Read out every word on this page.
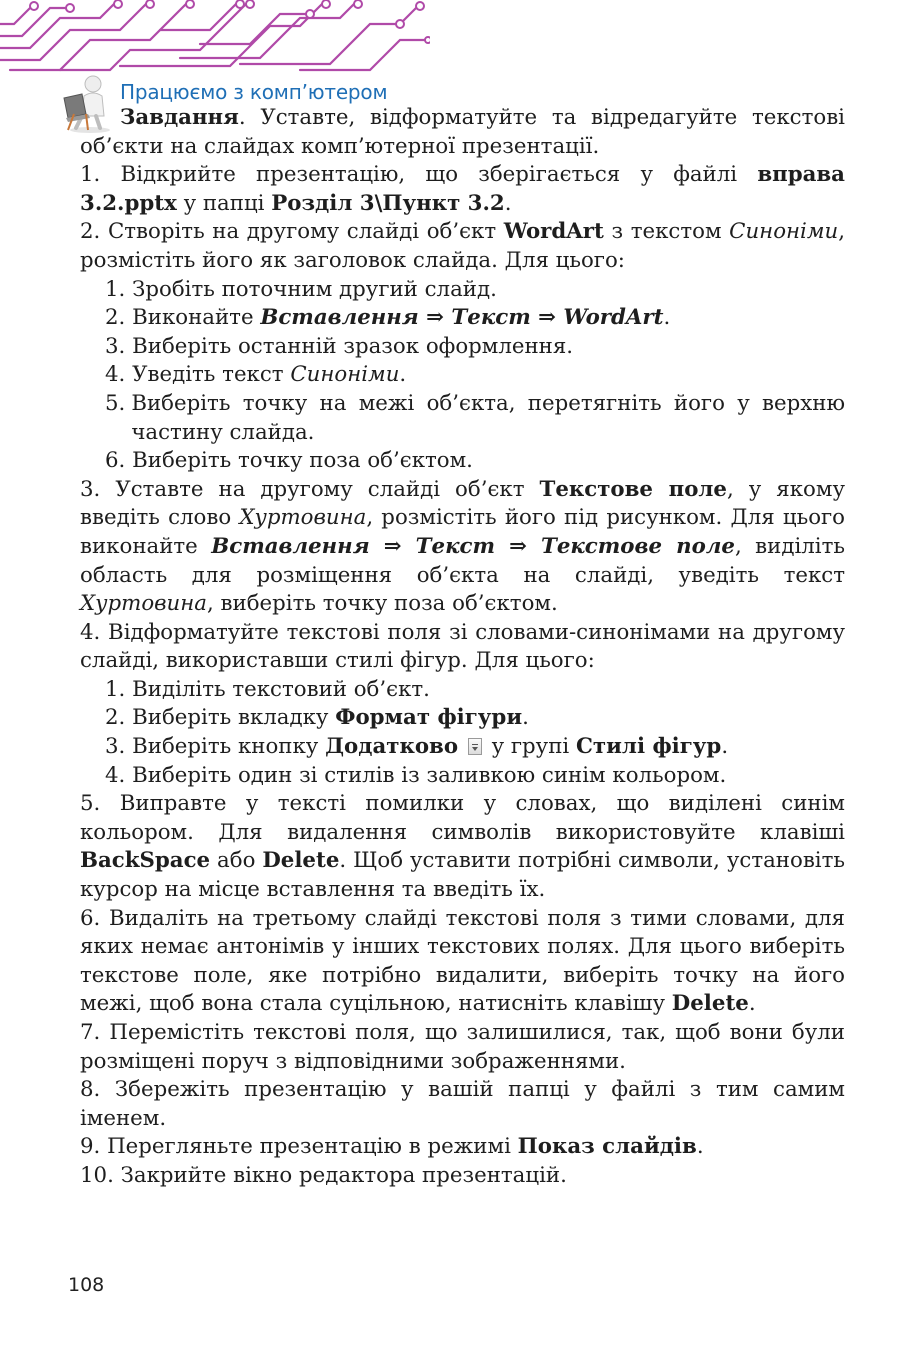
Працюємо з комп’ютером

Завдання. Уставте, відформатуйте та відредагуйте текстові об’єкти на слайдах комп’ютерної презентації.

1. Відкрийте презентацію, що зберігається у файлі вправа 3.2.pptx у папці Розділ 3\Пункт 3.2.

2. Створіть на другому слайді об’єкт WordArt з текстом Синоніми, розмістіть його як заголовок слайда. Для цього:

1. Зробіть поточним другий слайд.
2. Виконайте Вставлення ⇒ Текст ⇒ WordArt.
3. Виберіть останній зразок оформлення.
4. Уведіть текст Синоніми.
5. Виберіть точку на межі об’єкта, перетягніть його у верхню частину слайда.
6. Виберіть точку поза об’єктом.

3. Уставте на другому слайді об’єкт Текстове поле, у якому введіть слово Хуртовина, розмістіть його під рисунком. Для цього виконайте Вставлення ⇒ Текст ⇒ Текстове поле, виділіть область для розміщення об’єкта на слайді, уведіть текст Хуртовина, виберіть точку поза об’єктом.

4. Відформатуйте текстові поля зі словами-синонімами на другому слайді, використавши стилі фігур. Для цього:

1. Виділіть текстовий об’єкт.
2. Виберіть вкладку Формат фігури.
3. Виберіть кнопку Додатково  у групі Стилі фігур.
4. Виберіть один зі стилів із заливкою синім кольором.

5. Виправте у тексті помилки у словах, що виділені синім кольором. Для видалення символів використовуйте клавіші BackSpace або Delete. Щоб уставити потрібні символи, установіть курсор на місце вставлення та введіть їх.

6. Видаліть на третьому слайді текстові поля з тими словами, для яких немає антонімів у інших текстових полях. Для цього виберіть текстове поле, яке потрібно видалити, виберіть точку на його межі, щоб вона стала суцільною, натисніть клавішу Delete.

7. Перемістіть текстові поля, що залишилися, так, щоб вони були розміщені поруч з відповідними зображеннями.

8. Збережіть презентацію у вашій папці у файлі з тим самим іменем.

9. Перегляньте презентацію в режимі Показ слайдів.

10. Закрийте вікно редактора презентацій.

108
